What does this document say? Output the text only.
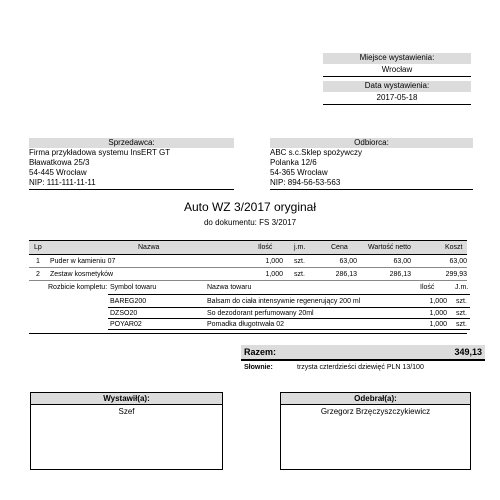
Miejsce wystawienia:
Wrocław
Data wystawienia:
2017-05-18
Sprzedawca:
Firma przykładowa systemu InsERT GT
Bławatkowa 25/3
54-445 Wrocław
NIP: 111-111-11-11
Odbiorca:
ABC s.c.Sklep spożywczy
Polanka 12/6
54-365 Wrocław
NIP: 894-56-53-563
Auto WZ 3/2017 oryginał
do dokumentu: FS 3/2017
Lp	Nazwa	Ilość	j.m.	Cena	Wartość netto	Koszt
1 Puder w kamieniu 07	1,000 szt.	63,00	63,00	63,00
2 Zestaw kosmetyków	1,000 szt.	286,13	286,13	299,93
Rozbicie kompletu: Symbol towaru	Nazwa towaru	Ilość	J.m.
BAREG200	Balsam do ciała intensywnie regenerujący 200 ml	1,000 szt.
DZSO20	So dezodorant perfumowany 20ml	1,000 szt.
POYAR02	Pomadka długotrwała 02	1,000 szt.
Razem:	349,13
Słownie:	trzysta czterdzieści dziewięć PLN 13/100
Wystawił(a):
Szef
Odebrał(a):
Grzegorz Brzęczyszczykiewicz
